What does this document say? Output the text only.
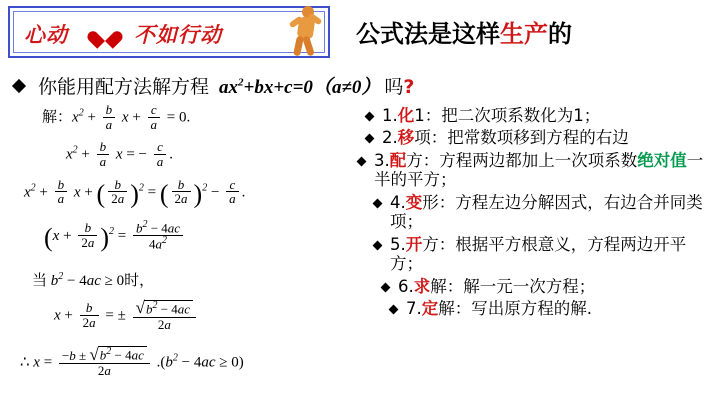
心动	不如行动	公式法是这样生产的
你能用配方法解方程 $ax^2+bx+c=0(a\ne 0)$ 吗?
解：$x^2 + \frac{b}{a}$ $x + \frac{c}{a} = 0$.
$x^2 + \frac{b}{a}$ x = − $\frac{c}{a}$ .
$x^2 + \frac{b}{a}$ x + ( $\frac{b}{2a} )^2$ = ( $\frac{b}{2a} )^2 - \frac{c}{a}$ .
$(x + \frac{b}{2a} )^2 = \frac{b^2 - 4ac}{4a^2}$
当 $b^2 - 4ac \ge 0$时，
$x + \frac{b}{2a}$ = ± $\frac{√b^2 - 4ac}{2a}$
∴ $x = \frac{-b \pm √b^2 - 4ac}{2a} .(b^2 - 4ac \ge 0)$
1.化1：把二次项系数化为1；
2.移项：把常数项移到方程的右边
3.配方：方程两边都加上一次项系数绝对值一半的平方；
4.变形：方程左边分解因式，右边合并同类项；
5.开方：根据平方根意义，方程两边开平方；
6.求解：解一元一次方程；
7.定解：写出原方程的解.
